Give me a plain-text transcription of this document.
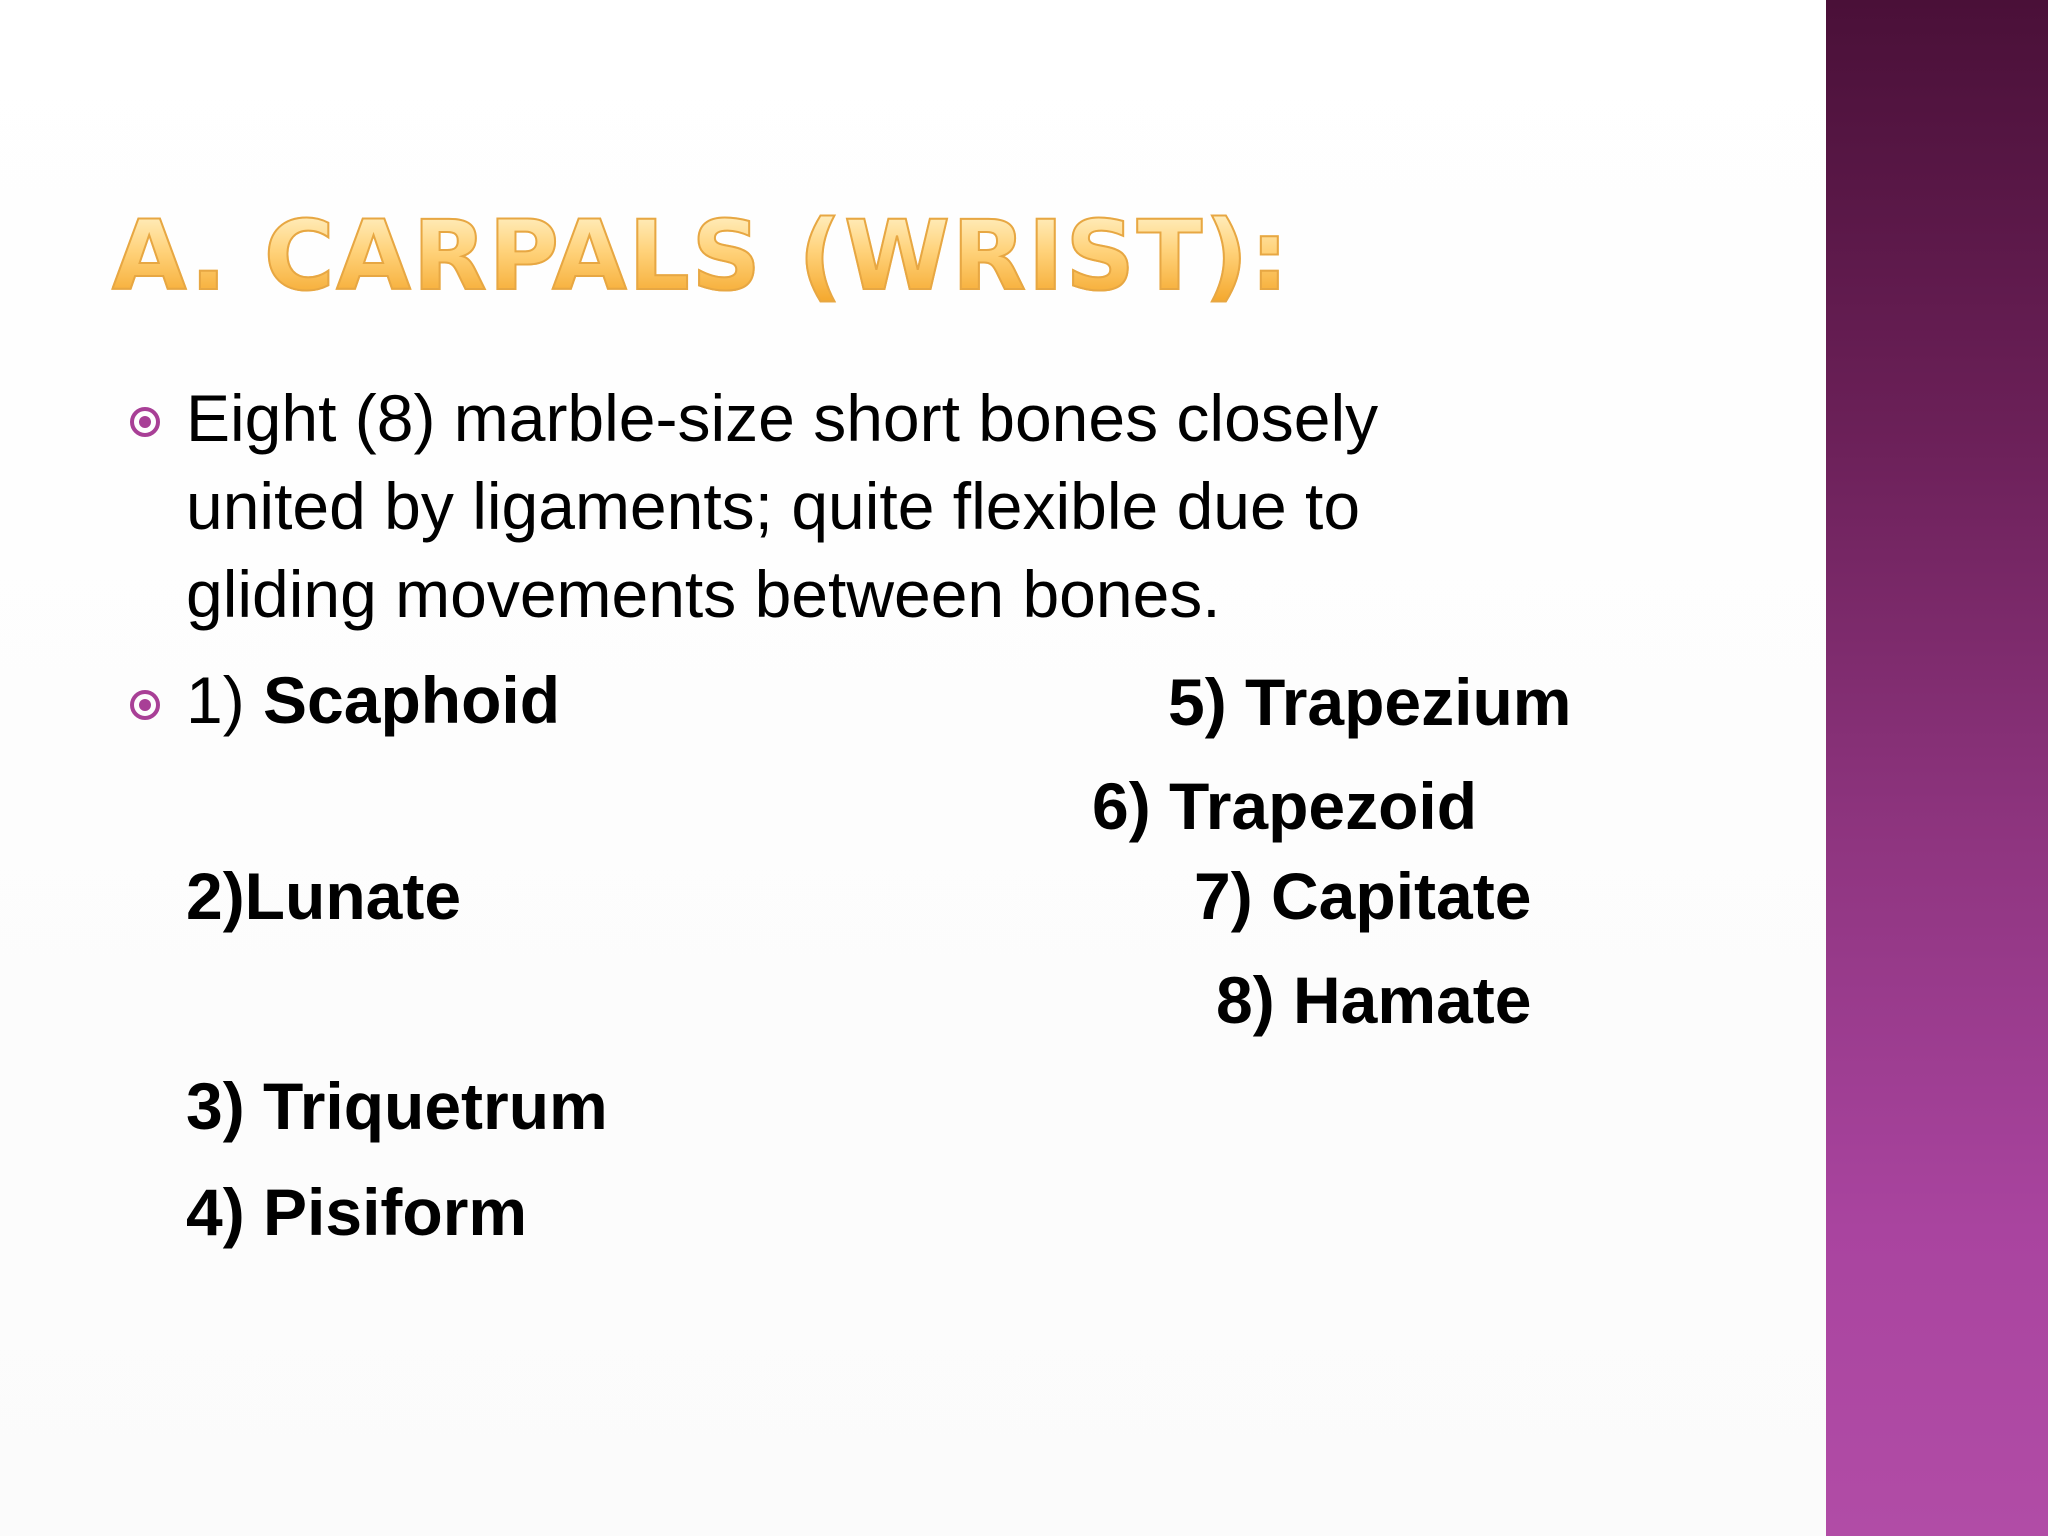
A. CARPALS (WRIST):
Eight (8) marble-size short bones closely
united by ligaments; quite flexible due to
gliding movements between bones.
1) Scaphoid
2)Lunate
3) Triquetrum
4) Pisiform
5) Trapezium
6) Trapezoid
7) Capitate
8) Hamate
